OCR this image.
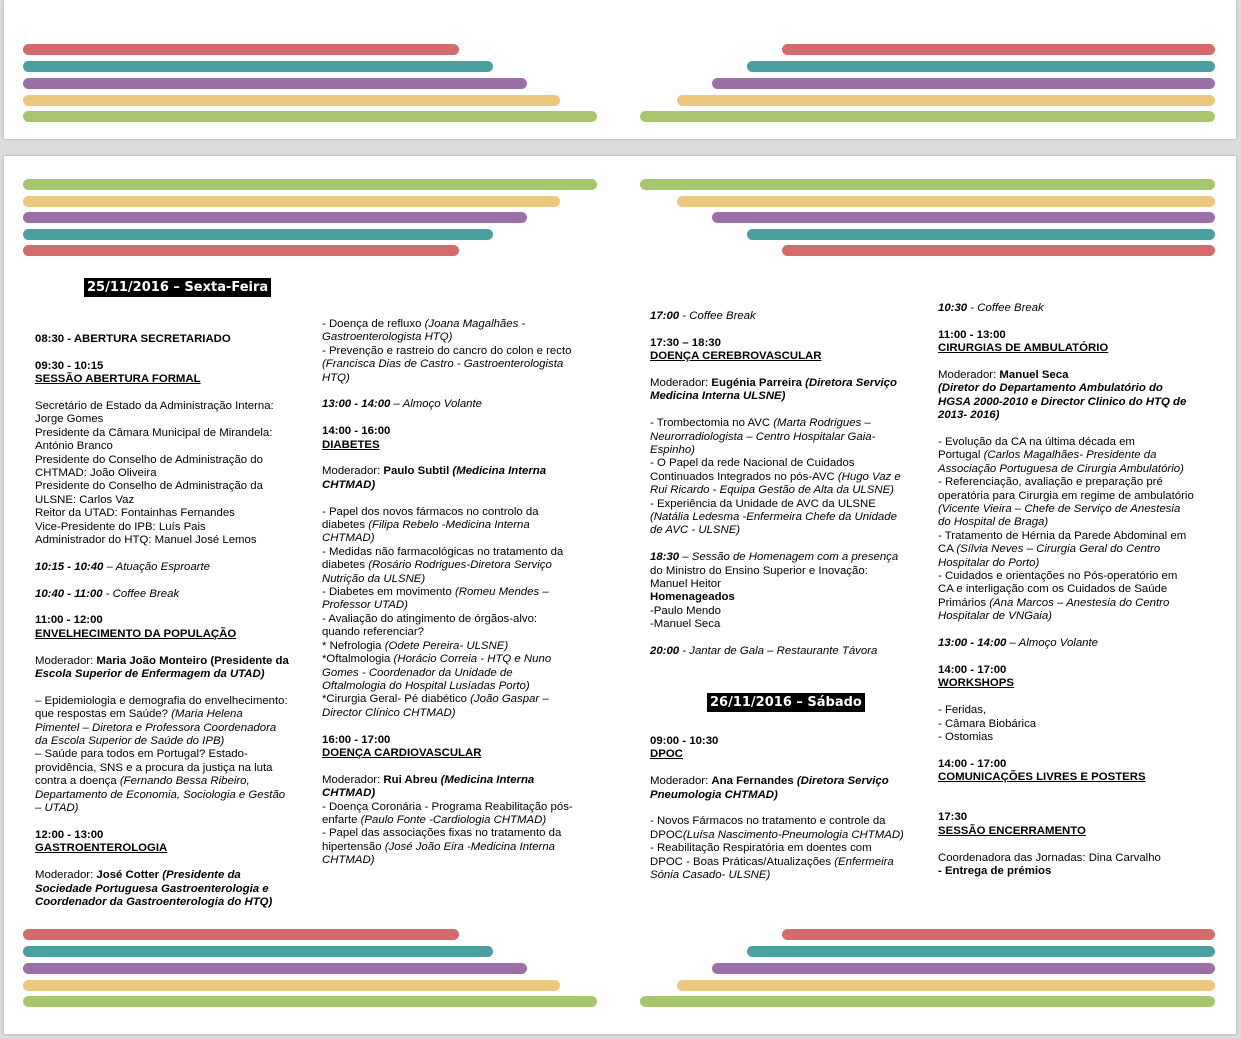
25/11/2016 – Sexta-Feira
26/11/2016 – Sábado
08:30 - ABERTURA SECRETARIADO
09:30 - 10:15
SESSÃO ABERTURA FORMAL
Secretário de Estado da Administração Interna:
Jorge Gomes
Presidente da Câmara Municipal de Mirandela:
António Branco
Presidente do Conselho de Administração do
CHTMAD: João Oliveira
Presidente do Conselho de Administração da
ULSNE: Carlos Vaz
Reitor da UTAD: Fontainhas Fernandes
Vice-Presidente do IPB: Luís Pais
Administrador do HTQ: Manuel José Lemos
10:15 - 10:40 – Atuação Esproarte
10:40 - 11:00 - Coffee Break
11:00 - 12:00
ENVELHECIMENTO DA POPULAÇÃO
Moderador: Maria João Monteiro (Presidente da
Escola Superior de Enfermagem da UTAD)
– Epidemiologia e demografia do envelhecimento:
que respostas em Saúde? (Maria Helena
Pimentel – Diretora e Professora Coordenadora
da Escola Superior de Saúde do IPB)
– Saúde para todos em Portugal? Estado-
providência, SNS e a procura da justiça na luta
contra a doença (Fernando Bessa Ribeiro,
Departamento de Economia, Sociologia e Gestão
– UTAD)
12:00 - 13:00
GASTROENTEROLOGIA
Moderador: José Cotter (Presidente da
Sociedade Portuguesa Gastroenterologia e
Coordenador da Gastroenterologia do HTQ)
- Doença de refluxo (Joana Magalhães -
Gastroenterologista HTQ)
- Prevenção e rastreio do cancro do colon e recto
(Francisca Dias de Castro - Gastroenterologista
HTQ)
13:00 - 14:00 – Almoço Volante
14:00 - 16:00
DIABETES
Moderador: Paulo Subtil (Medicina Interna
CHTMAD)
- Papel dos novos fármacos no controlo da
diabetes (Filipa Rebelo -Medicina Interna
CHTMAD)
- Medidas não farmacológicas no tratamento da
diabetes (Rosário Rodrigues-Diretora Serviço
Nutrição da ULSNE)
- Diabetes em movimento (Romeu Mendes –
Professor UTAD)
- Avaliação do atingimento de órgãos-alvo:
quando referenciar?
* Nefrologia (Odete Pereira- ULSNE)
*Oftalmologia (Horácio Correia - HTQ e Nuno
Gomes - Coordenador da Unidade de
Oftalmologia do Hospital Lusíadas Porto)
*Cirurgia Geral- Pé diabético (João Gaspar –
Director Clínico CHTMAD)
16:00 - 17:00
DOENÇA CARDIOVASCULAR
Moderador: Rui Abreu (Medicina Interna
CHTMAD)
- Doença Coronária - Programa Reabilitação pós-
enfarte (Paulo Fonte -Cardiologia CHTMAD)
- Papel das associações fixas no tratamento da
hipertensão (José João Eira -Medicina Interna
CHTMAD)
17:00 - Coffee Break
17:30 – 18:30
DOENÇA CEREBROVASCULAR
Moderador: Eugénia Parreira (Diretora Serviço
Medicina Interna ULSNE)
- Trombectomia no AVC (Marta Rodrigues –
Neurorradiologista – Centro Hospitalar Gaia-
Espinho)
- O Papel da rede Nacional de Cuidados
Continuados Integrados no pós-AVC (Hugo Vaz e
Rui Ricardo - Equipa Gestão de Alta da ULSNE)
- Experiência da Unidade de AVC da ULSNE
(Natália Ledesma -Enfermeira Chefe da Unidade
de AVC - ULSNE)
18:30 – Sessão de Homenagem com a presença
do Ministro do Ensino Superior e Inovação:
Manuel Heitor
Homenageados
-Paulo Mendo
-Manuel Seca
20:00 - Jantar de Gala – Restaurante Távora
09:00 - 10:30
DPOC
Moderador: Ana Fernandes (Diretora Serviço
Pneumologia CHTMAD)
- Novos Fármacos no tratamento e controle da
DPOC(Luísa Nascimento-Pneumologia CHTMAD)
- Reabilitação Respiratória em doentes com
DPOC - Boas Práticas/Atualizações (Enfermeira
Sónia Casado- ULSNE)
10:30 - Coffee Break
11:00 - 13:00
CIRURGIAS DE AMBULATÓRIO
Moderador: Manuel Seca
(Diretor do Departamento Ambulatório do
HGSA 2000-2010 e Director Clinico do HTQ de
2013- 2016)
- Evolução da CA na última década em
Portugal (Carlos Magalhães- Presidente da
Associação Portuguesa de Cirurgia Ambulatório)
- Referenciação, avaliação e preparação pré
operatória para Cirurgia em regime de ambulatório
(Vicente Vieira – Chefe de Serviço de Anestesia
do Hospital de Braga)
- Tratamento de Hérnia da Parede Abdominal em
CA (Sílvia Neves – Cirurgia Geral do Centro
Hospitalar do Porto)
- Cuidados e orientações no Pós-operatório em
CA e interligação com os Cuidados de Saúde
Primários (Ana Marcos – Anestesia do Centro
Hospitalar de VNGaia)
13:00 - 14:00 – Almoço Volante
14:00 - 17:00
WORKSHOPS
- Feridas,
- Câmara Biobárica
- Ostomias
14:00 - 17:00
COMUNICAÇÕES LIVRES E POSTERS
17:30
SESSÃO ENCERRAMENTO
Coordenadora das Jornadas: Dina Carvalho
- Entrega de prémios
